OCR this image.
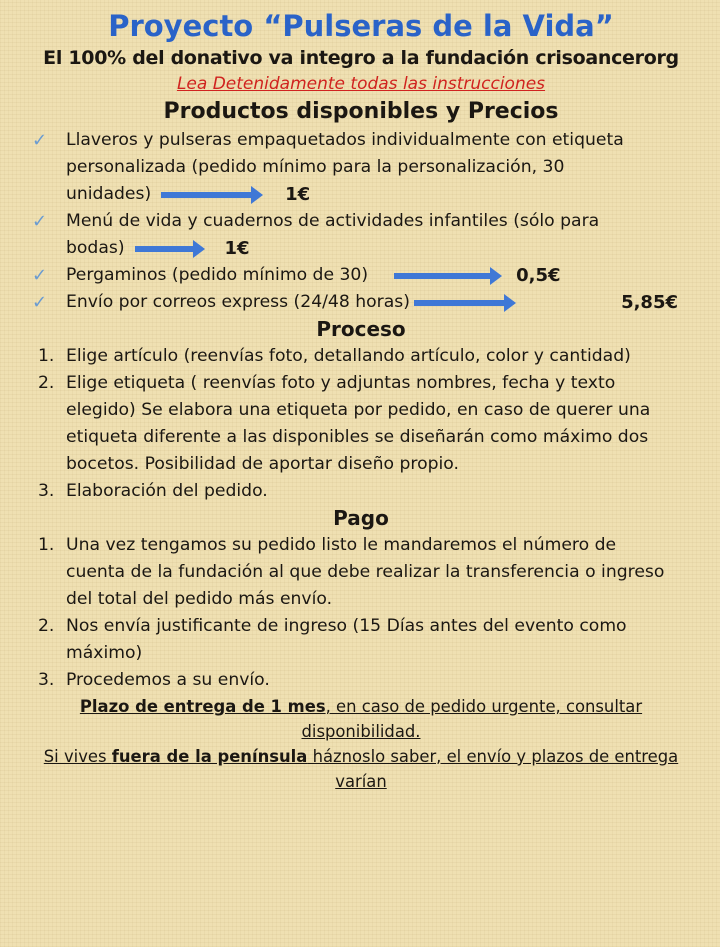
Proyecto “Pulseras de la Vida”
El 100% del donativo va integro a la fundación crisoancerorg
Lea Detenidamente todas las instrucciones
Productos disponibles y Precios
✓ Llaveros y pulseras empaquetados individualmente con etiqueta
personalizada (pedido mínimo para la personalización, 30
unidades)	1€
✓ Menú de vida y cuadernos de actividades infantiles (sólo para
bodas)	1€
✓ Pergaminos (pedido mínimo de 30)	0,5€
✓ Envío por correos express (24/48 horas)	5,85€
Proceso
1. Elige artículo (reenvías foto, detallando artículo, color y cantidad)
2. Elige etiqueta ( reenvías foto y adjuntas nombres, fecha y texto
elegido) Se elabora una etiqueta por pedido, en caso de querer una
etiqueta diferente a las disponibles se diseñarán como máximo dos
bocetos. Posibilidad de aportar diseño propio.
3. Elaboración del pedido.
Pago
1. Una vez tengamos su pedido listo le mandaremos el número de
cuenta de la fundación al que debe realizar la transferencia o ingreso
del total del pedido más envío.
2. Nos envía justificante de ingreso (15 Días antes del evento como
máximo)
3. Procedemos a su envío.
Plazo de entrega de 1 mes, en caso de pedido urgente, consultar
disponibilidad.
Si vives fuera de la península háznoslo saber, el envío y plazos de entrega
varían
